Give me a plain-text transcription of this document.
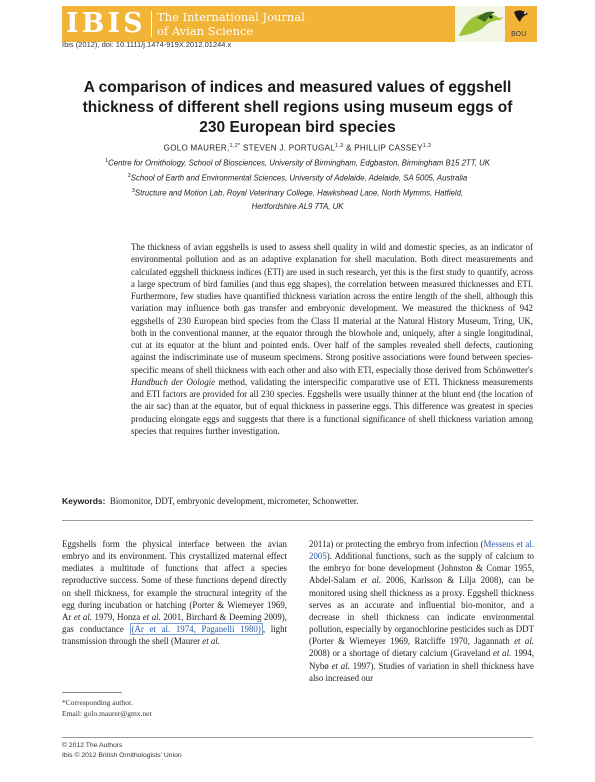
IBIS The International Journal
of Avian Science	BOU
Ibis (2012), doi: 10.1111/j.1474-919X.2012.01244.x
A comparison of indices and measured values of eggshell thickness of different shell regions using museum eggs of 230 European bird species
GOLO MAURER,$^{1,2*}$ STEVEN J. PORTUGAL$^{1,3}$ & PHILLIP CASSEY$^{1,2}$
$^1$Centre for Ornithology, School of Biosciences, University of Birmingham, Edgbaston, Birmingham B15 2TT, UK
$^2$School of Earth and Environmental Sciences, University of Adelaide, Adelaide, SA 5005, Australia
$^3$Structure and Motion Lab, Royal Veterinary College, Hawkshead Lane, North Mymms, Hatfield,
Hertfordshire AL9 7TA, UK
The thickness of avian eggshells is used to assess shell quality in wild and domestic species, as an indicator of environmental pollution and as an adaptive explanation for shell maculation. Both direct measurements and calculated eggshell thickness indices (ETI) are used in such research, yet this is the first study to quantify, across a large spectrum of bird families (and thus egg shapes), the correlation between measured thicknesses and ETI. Furthermore, few studies have quantified thickness variation across the entire length of the shell, although this variation may influence both gas transfer and embryonic development. We measured the thickness of 942 eggshells of 230 European bird species from the Class II material at the Natural History Museum, Tring, UK, both in the conventional manner, at the equator through the blowhole and, uniquely, after a single longitudinal, cut at its equator at the blunt and pointed ends. Over half of the samples revealed shell defects, cautioning against the indiscriminate use of museum specimens. Strong positive associations were found between species-specific means of shell thickness with each other and also with ETI, especially those derived from Schönwetter's Handbuch der Oologie method, validating the interspecific comparative use of ETI. Thickness measurements and ETI factors are provided for all 230 species. Eggshells were usually thinner at the blunt end (the location of the air sac) than at the equator, but of equal thickness in passerine eggs. This difference was greatest in species producing elongate eggs and suggests that there is a functional significance of shell thickness variation among species that requires further investigation.
Keywords: Biomonitor, DDT, embryonic development, micrometer, Schonwetter.
Eggshells form the physical interface between the avian embryo and its environment. This crystallized maternal effect mediates a multitude of functions that affect a species reproductive success. Some of these functions depend directly on shell thickness, for example the structural integrity of the egg during incubation or hatching (Porter & Wiemeyer 1969, Ar et al. 1979, Honza et al. 2001, Birchard & Deeming 2009), gas conductance (Ar et al. 1974, Paganelli 1980) , light transmission through the shell (Maurer et al.
2011a) or protecting the embryo from infection (Messens et al. 2005). Additional functions, such as the supply of calcium to the embryo for bone development (Johnston & Comar 1955, Abdel-Salam et al. 2006, Karlsson & Lilja 2008), can be monitored using shell thickness as a proxy. Eggshell thickness serves as an accurate and influential bio-monitor, and a decrease in shell thickness can indicate environmental pollution, especially by organochlorine pesticides such as DDT (Porter & Wiemeyer 1969, Ratcliffe 1970, Jagannath et al. 2008) or a shortage of dietary calcium (Graveland et al. 1994, Nybø et al. 1997). Studies of variation in shell thickness have also increased our
*Corresponding author.
Email: golo.maurer@gmx.net
© 2012 The Authors
Ibis © 2012 British Ornithologists' Union
